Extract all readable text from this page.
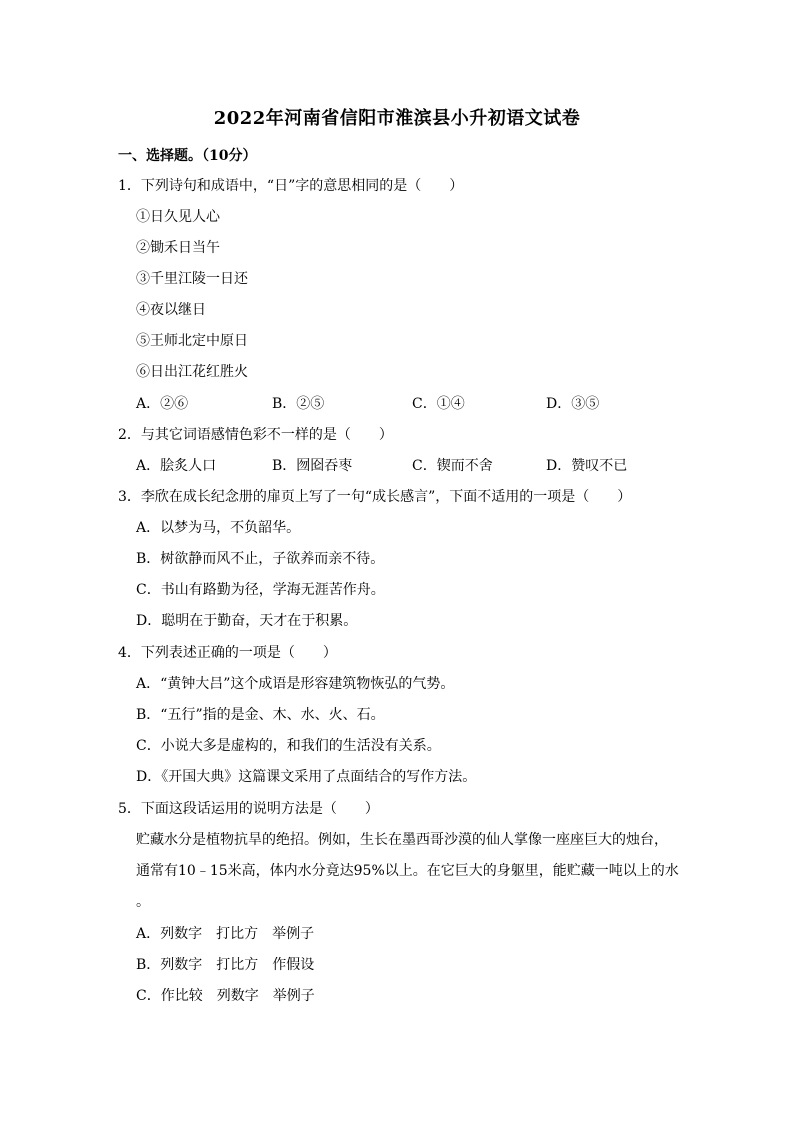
2022年河南省信阳市淮滨县小升初语文试卷
一、选择题。（10分）
1．下列诗句和成语中，“日”字的意思相同的是（　　）
①日久见人心
②锄禾日当午
③千里江陵一日还
④夜以继日
⑤王师北定中原日
⑥日出江花红胜火
A．②⑥	B．②⑤	C．①④	D．③⑤
2．与其它词语感情色彩不一样的是（　　）
A．脍炙人口	B．囫囵吞枣	C．锲而不舍	D．赞叹不已
3．李欣在成长纪念册的扉页上写了一句“成长感言”，下面不适用的一项是（　　）
A．以梦为马，不负韶华。
B．树欲静而风不止，子欲养而亲不待。
C．书山有路勤为径，学海无涯苦作舟。
D．聪明在于勤奋，天才在于积累。
4．下列表述正确的一项是（　　）
A．“黄钟大吕”这个成语是形容建筑物恢弘的气势。
B．“五行”指的是金、木、水、火、石。
C．小说大多是虚构的，和我们的生活没有关系。
D．《开国大典》这篇课文采用了点面结合的写作方法。
5．下面这段话运用的说明方法是（　　）
贮藏水分是植物抗旱的绝招。例如，生长在墨西哥沙漠的仙人掌像一座座巨大的烛台，
通常有10﹣15米高，体内水分竟达95%以上。在它巨大的身躯里，能贮藏一吨以上的水
。
A．列数字　打比方　举例子
B．列数字　打比方　作假设
C．作比较　列数字　举例子
